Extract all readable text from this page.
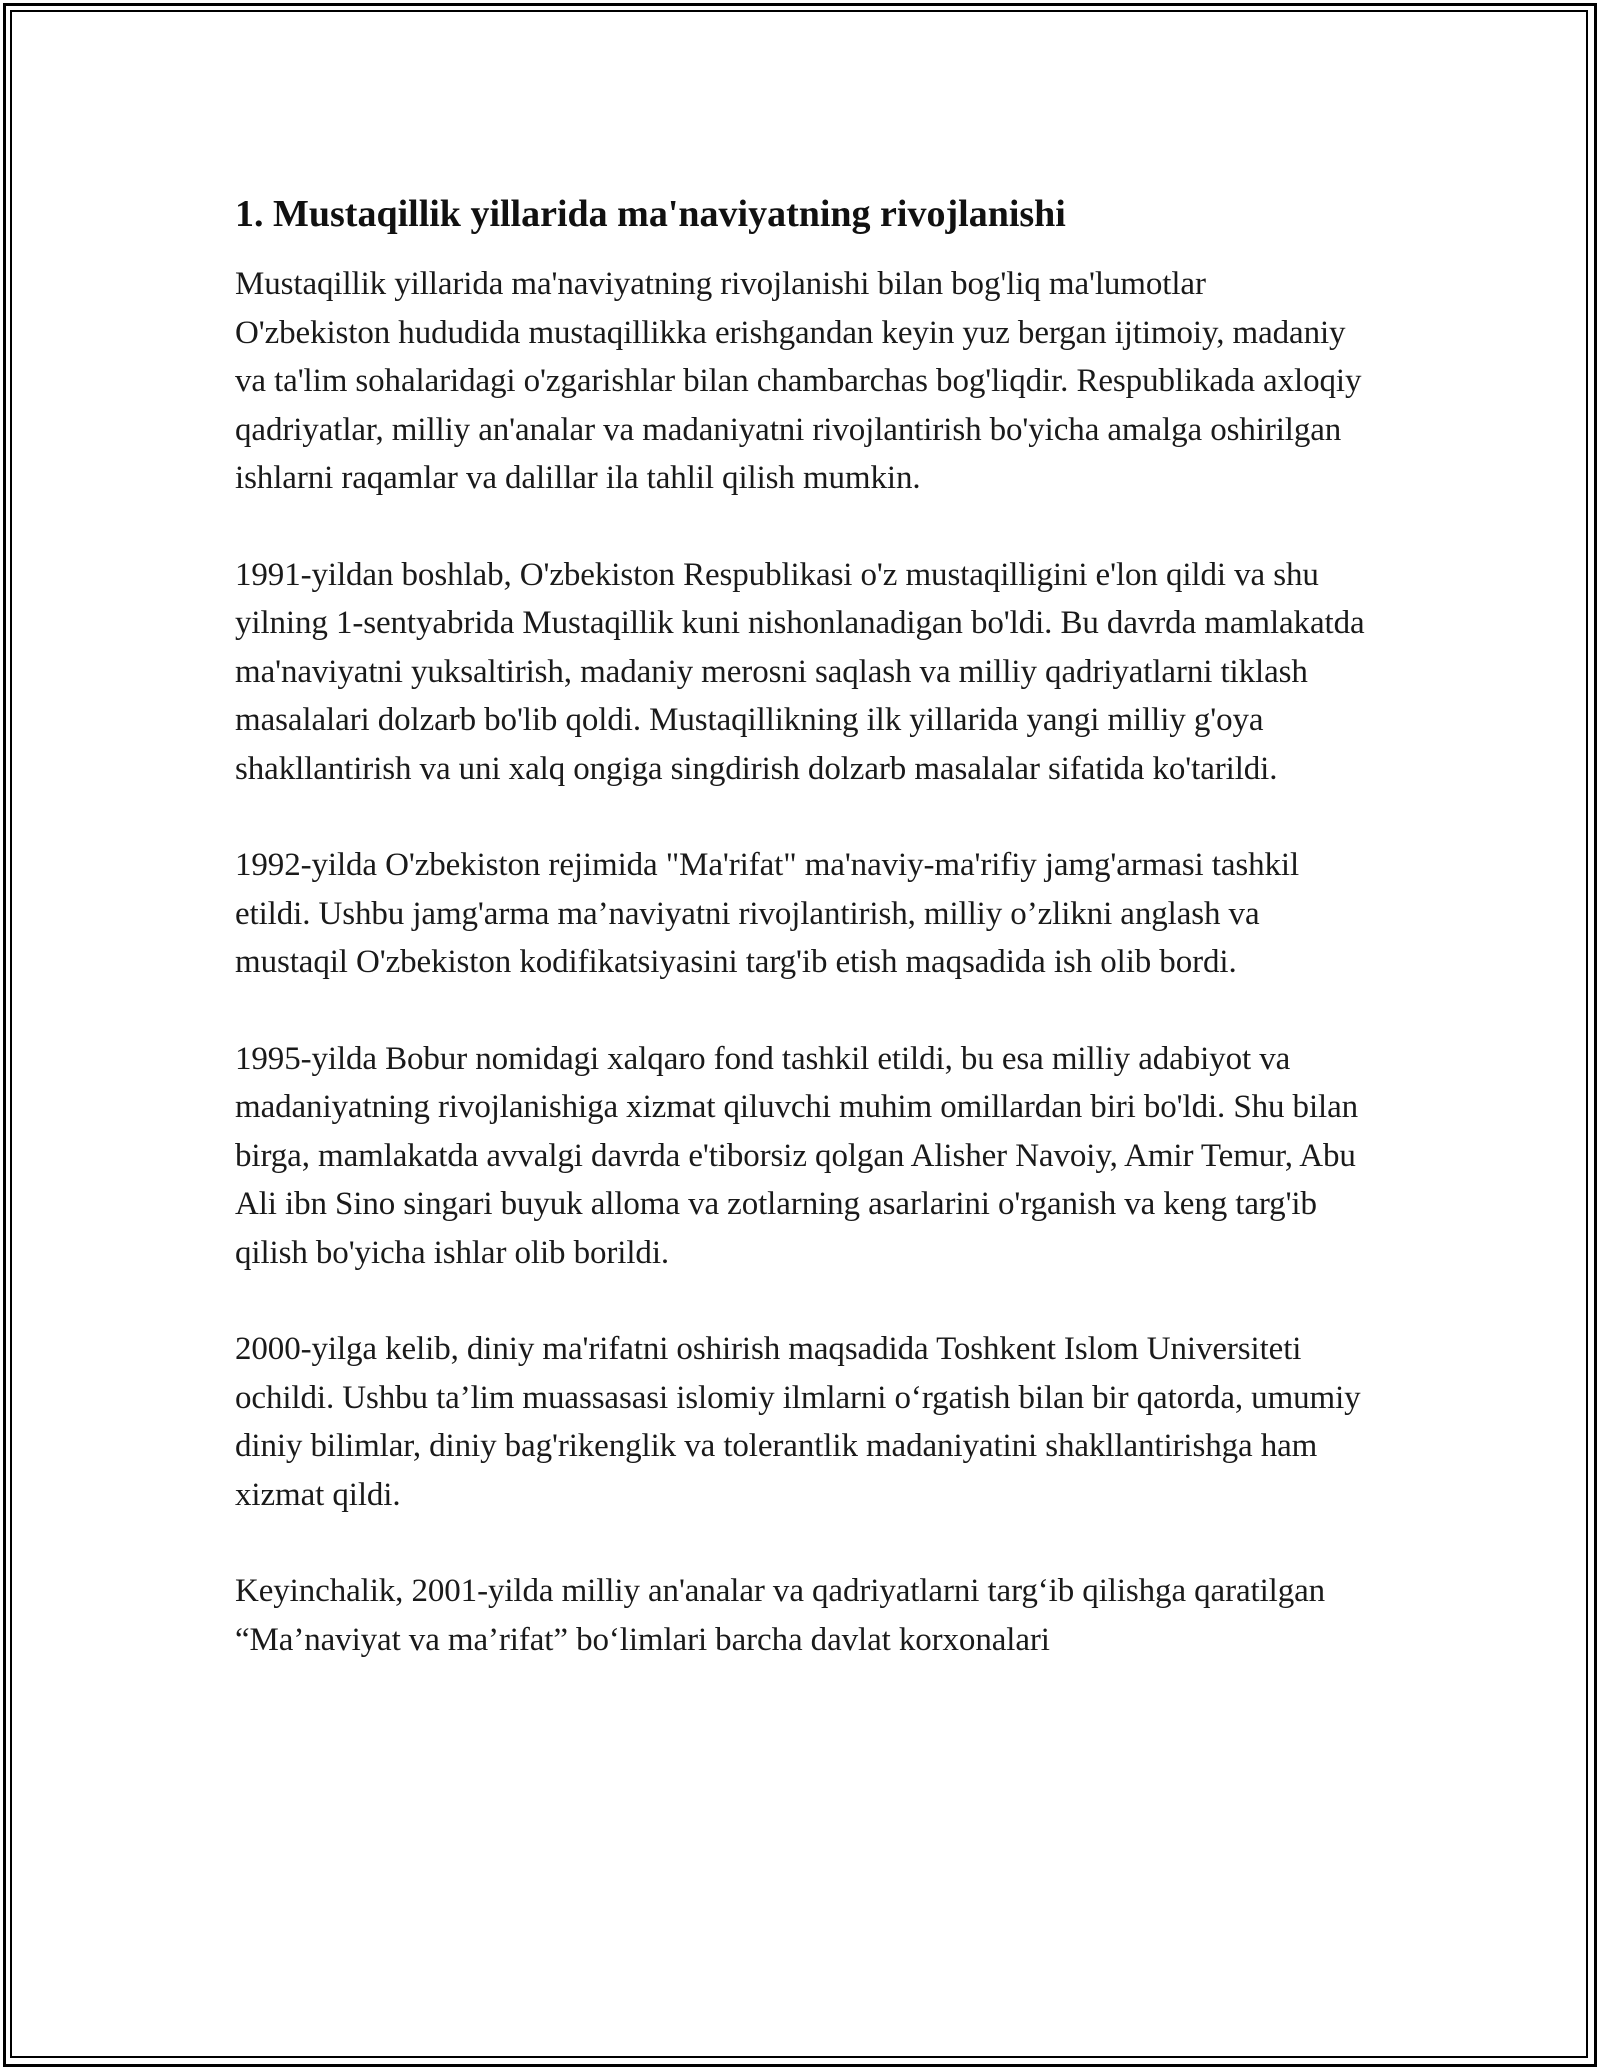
1. Mustaqillik yillarida ma'naviyatning rivojlanishi

Mustaqillik yillarida ma'naviyatning rivojlanishi bilan bog'liq ma'lumotlar O'zbekiston hududida mustaqillikka erishgandan keyin yuz bergan ijtimoiy, madaniy va ta'lim sohalaridagi o'zgarishlar bilan chambarchas bog'liqdir. Respublikada axloqiy qadriyatlar, milliy an'analar va madaniyatni rivojlantirish bo'yicha amalga oshirilgan ishlarni raqamlar va dalillar ila tahlil qilish mumkin.

1991-yildan boshlab, O'zbekiston Respublikasi o'z mustaqilligini e'lon qildi va shu yilning 1-sentyabrida Mustaqillik kuni nishonlanadigan bo'ldi. Bu davrda mamlakatda ma'naviyatni yuksaltirish, madaniy merosni saqlash va milliy qadriyatlarni tiklash masalalari dolzarb bo'lib qoldi. Mustaqillikning ilk yillarida yangi milliy g'oya shakllantirish va uni xalq ongiga singdirish dolzarb masalalar sifatida ko'tarildi.

1992-yilda O'zbekiston rejimida "Ma'rifat" ma'naviy-ma'rifiy jamg'armasi tashkil etildi. Ushbu jamg'arma ma’naviyatni rivojlantirish, milliy o’zlikni anglash va mustaqil O'zbekiston kodifikatsiyasini targ'ib etish maqsadida ish olib bordi.

1995-yilda Bobur nomidagi xalqaro fond tashkil etildi, bu esa milliy adabiyot va madaniyatning rivojlanishiga xizmat qiluvchi muhim omillardan biri bo'ldi. Shu bilan birga, mamlakatda avvalgi davrda e'tiborsiz qolgan Alisher Navoiy, Amir Temur, Abu Ali ibn Sino singari buyuk alloma va zotlarning asarlarini o'rganish va keng targ'ib qilish bo'yicha ishlar olib borildi.

2000-yilga kelib, diniy ma'rifatni oshirish maqsadida Toshkent Islom Universiteti ochildi. Ushbu ta’lim muassasasi islomiy ilmlarni o‘rgatish bilan bir qatorda, umumiy diniy bilimlar, diniy bag'rikenglik va tolerantlik madaniyatini shakllantirishga ham xizmat qildi.

Keyinchalik, 2001-yilda milliy an'analar va qadriyatlarni targ‘ib qilishga qaratilgan “Ma’naviyat va ma’rifat” bo‘limlari barcha davlat korxonalari
